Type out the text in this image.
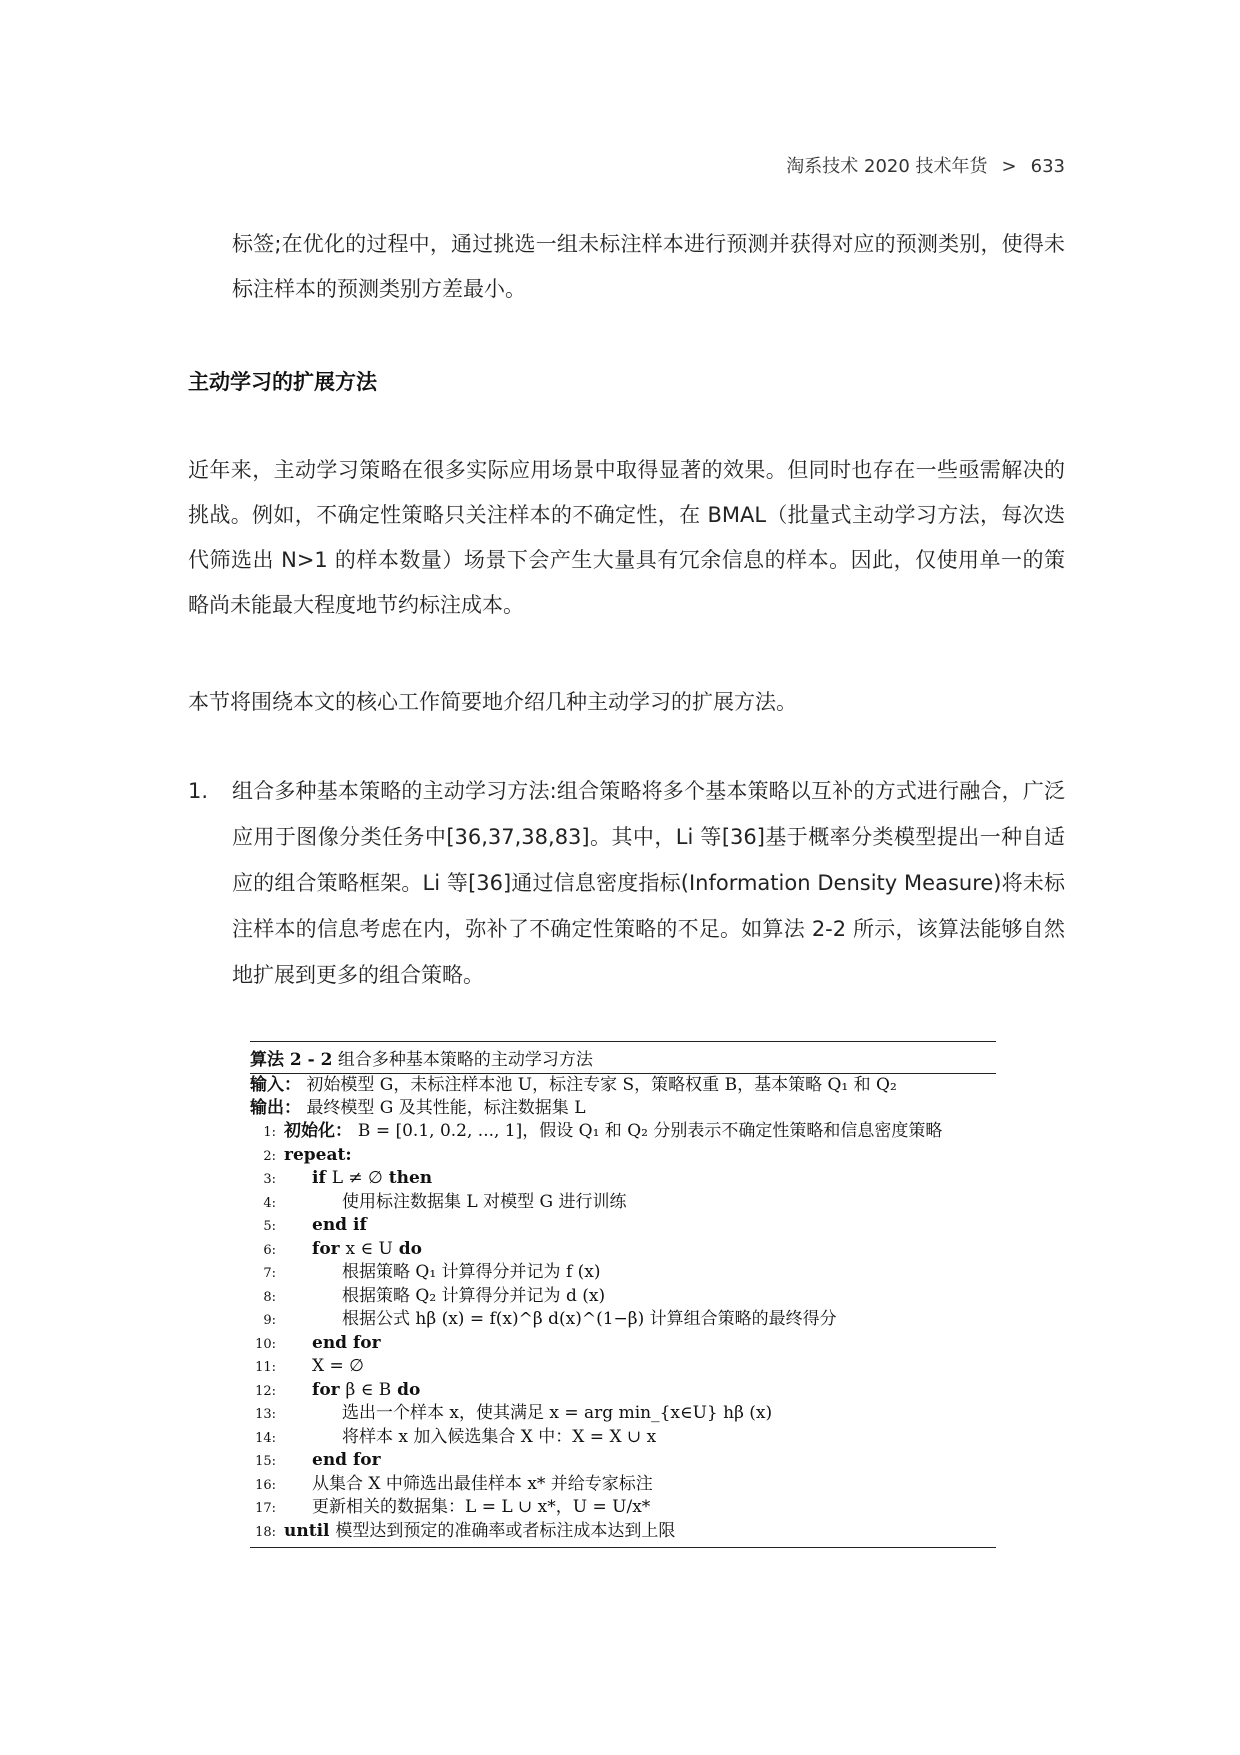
淘系技术 2020 技术年货 > 633
标签;在优化的过程中，通过挑选一组未标注样本进行预测并获得对应的预测类别，使得未标注样本的预测类别方差最小。
主动学习的扩展方法
近年来，主动学习策略在很多实际应用场景中取得显著的效果。但同时也存在一些亟需解决的挑战。例如，不确定性策略只关注样本的不确定性，在 BMAL（批量式主动学习方法，每次迭代筛选出 N>1 的样本数量）场景下会产生大量具有冗余信息的样本。因此，仅使用单一的策略尚未能最大程度地节约标注成本。
本节将围绕本文的核心工作简要地介绍几种主动学习的扩展方法。
1. 组合多种基本策略的主动学习方法:组合策略将多个基本策略以互补的方式进行融合，广泛应用于图像分类任务中[36,37,38,83]。其中，Li 等[36]基于概率分类模型提出一种自适应的组合策略框架。Li 等[36]通过信息密度指标(Information Density Measure)将未标注样本的信息考虑在内，弥补了不确定性策略的不足。如算法 2-2 所示，该算法能够自然地扩展到更多的组合策略。
算法 2 - 2 组合多种基本策略的主动学习方法
输入： 初始模型 G，未标注样本池 U，标注专家 S，策略权重 B，基本策略 Q₁ 和 Q₂
输出： 最终模型 G 及其性能，标注数据集 L
1: 初始化： B = [0.1, 0.2, ..., 1]，假设 Q₁ 和 Q₂ 分别表示不确定性策略和信息密度策略
2: repeat:
3: if L ≠ ∅ then
4:	使用标注数据集 L 对模型 G 进行训练
5: end if
6: for x ∈ U do
7:	根据策略 Q₁ 计算得分并记为 f (x)
8:	根据策略 Q₂ 计算得分并记为 d (x)
9:	根据公式 hβ (x) = f(x)^β d(x)^(1−β) 计算组合策略的最终得分
10: end for
11: X = ∅
12: for β ∈ B do
13:	选出一个样本 x，使其满足 x = arg min_{x∈U} hβ (x)
14:	将样本 x 加入候选集合 X 中：X = X ∪ x
15: end for
16: 从集合 X 中筛选出最佳样本 x* 并给专家标注
17: 更新相关的数据集：L = L ∪ x*，U = U/x*
18: until 模型达到预定的准确率或者标注成本达到上限
